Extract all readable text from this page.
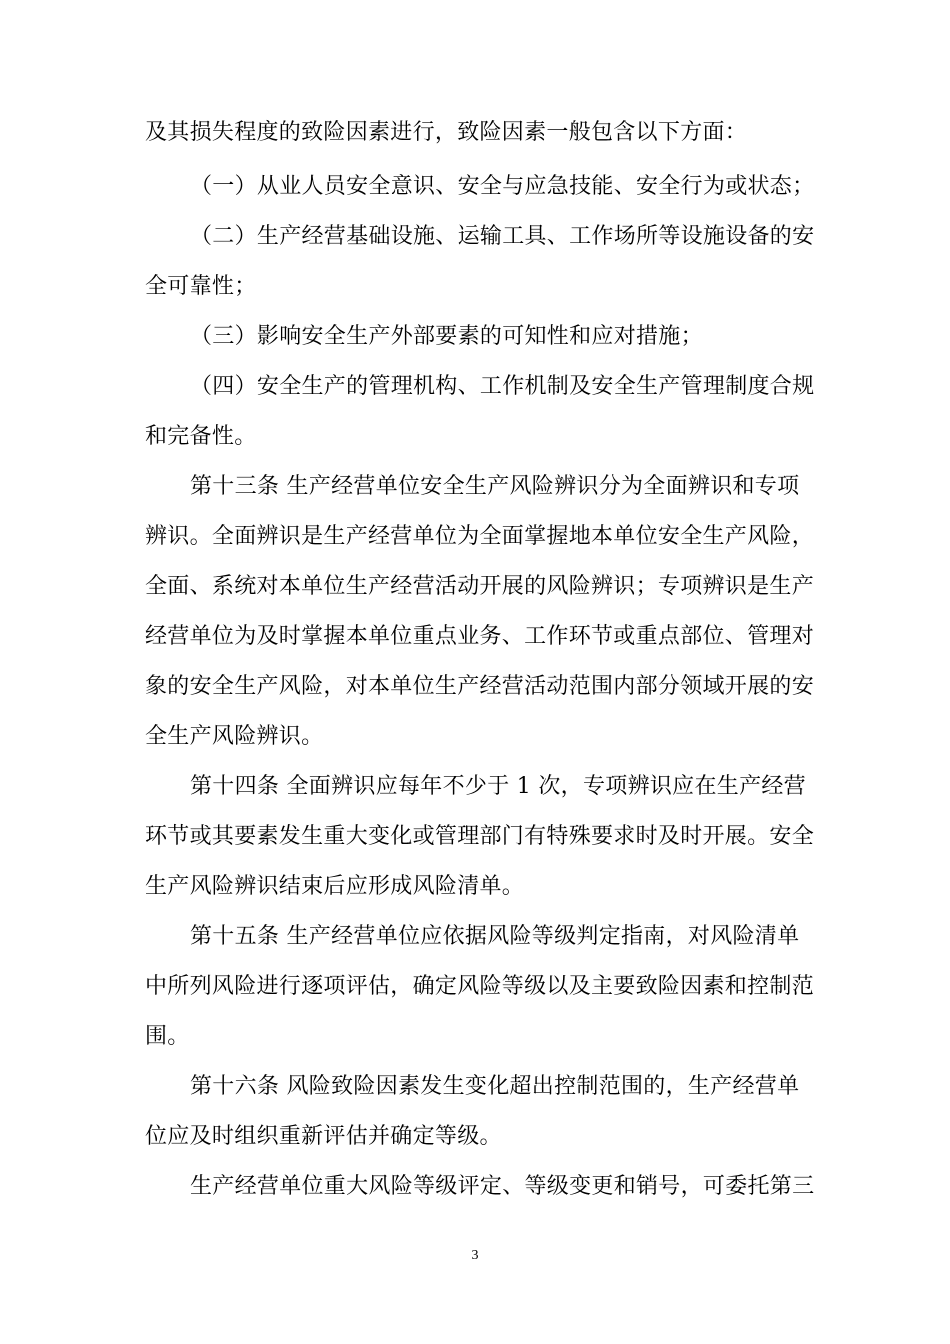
及其损失程度的致险因素进行，致险因素一般包含以下方面：
（一）从业人员安全意识、安全与应急技能、安全行为或状态；
（二）生产经营基础设施、运输工具、工作场所等设施设备的安
全可靠性；
（三）影响安全生产外部要素的可知性和应对措施；
（四）安全生产的管理机构、工作机制及安全生产管理制度合规
和完备性。
第十三条 生产经营单位安全生产风险辨识分为全面辨识和专项
辨识。全面辨识是生产经营单位为全面掌握地本单位安全生产风险，
全面、系统对本单位生产经营活动开展的风险辨识；专项辨识是生产
经营单位为及时掌握本单位重点业务、工作环节或重点部位、管理对
象的安全生产风险，对本单位生产经营活动范围内部分领域开展的安
全生产风险辨识。
第十四条 全面辨识应每年不少于 1 次，专项辨识应在生产经营
环节或其要素发生重大变化或管理部门有特殊要求时及时开展。安全
生产风险辨识结束后应形成风险清单。
第十五条 生产经营单位应依据风险等级判定指南，对风险清单
中所列风险进行逐项评估，确定风险等级以及主要致险因素和控制范
围。
第十六条 风险致险因素发生变化超出控制范围的，生产经营单
位应及时组织重新评估并确定等级。
生产经营单位重大风险等级评定、等级变更和销号，可委托第三
3
